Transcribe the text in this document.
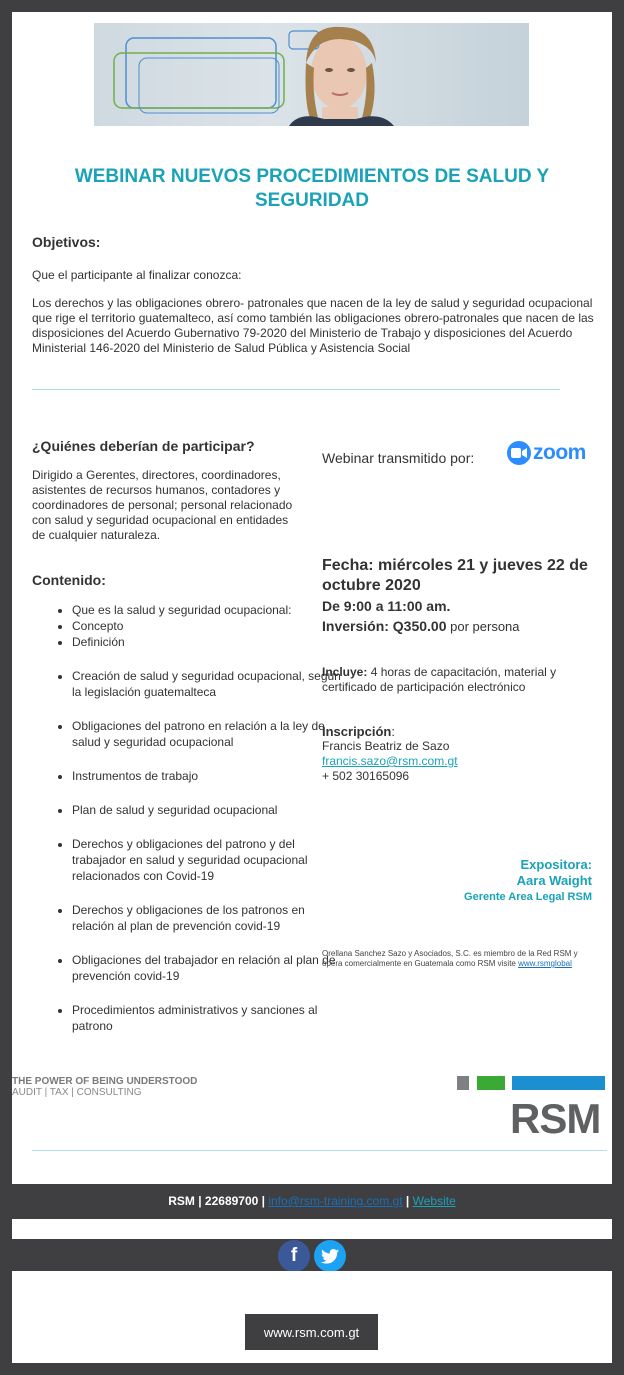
WEBINAR NUEVOS PROCEDIMIENTOS DE SALUD Y SEGURIDAD
Objetivos:
Que el participante al finalizar conozca:
Los derechos y las obligaciones obrero- patronales que nacen de la ley de salud y seguridad ocupacional que rige el territorio guatemalteco, así como también las obligaciones obrero-patronales que nacen de las disposiciones del Acuerdo Gubernativo 79-2020 del Ministerio de Trabajo y disposiciones del Acuerdo Ministerial 146-2020 del Ministerio de Salud Pública y Asistencia Social
¿Quiénes deberían de participar?
Dirigido a Gerentes, directores, coordinadores, asistentes de recursos humanos, contadores y coordinadores de personal; personal relacionado con salud y seguridad ocupacional en entidades de cualquier naturaleza.
Contenido:
• Que es la salud y seguridad ocupacional:
• Concepto
• Definición
• Creación de salud y seguridad ocupacional, según la legislación guatemalteca
• Obligaciones del patrono en relación a la ley de salud y seguridad ocupacional
• Instrumentos de trabajo
• Plan de salud y seguridad ocupacional
• Derechos y obligaciones del patrono y del trabajador en salud y seguridad ocupacional relacionados con Covid-19
• Derechos y obligaciones de los patronos en relación al plan de prevención covid-19
• Obligaciones del trabajador en relación al plan de prevención covid-19
• Procedimientos administrativos y sanciones al patrono
Webinar transmitido por:	zoom
Fecha: miércoles 21 y jueves 22 de octubre 2020
De 9:00 a 11:00 am.
Inversión: Q350.00 por persona
Incluye: 4 horas de capacitación, material y certificado de participación electrónico
Inscripción:
Francis Beatriz de Sazo
francis.sazo@rsm.com.gt
+ 502 30165096
Expositora:
Aara Waight
Gerente Area Legal RSM
Orellana Sanchez Sazo y Asociados, S.C. es miembro de la Red RSM y opera comercialmente en Guatemala como RSM visite www.rsmglobal
THE POWER OF BEING UNDERSTOOD
AUDIT | TAX | CONSULTING
RSM
RSM | 22689700 | info@rsm-training.com.gt | Website
f
www.rsm.com.gt
